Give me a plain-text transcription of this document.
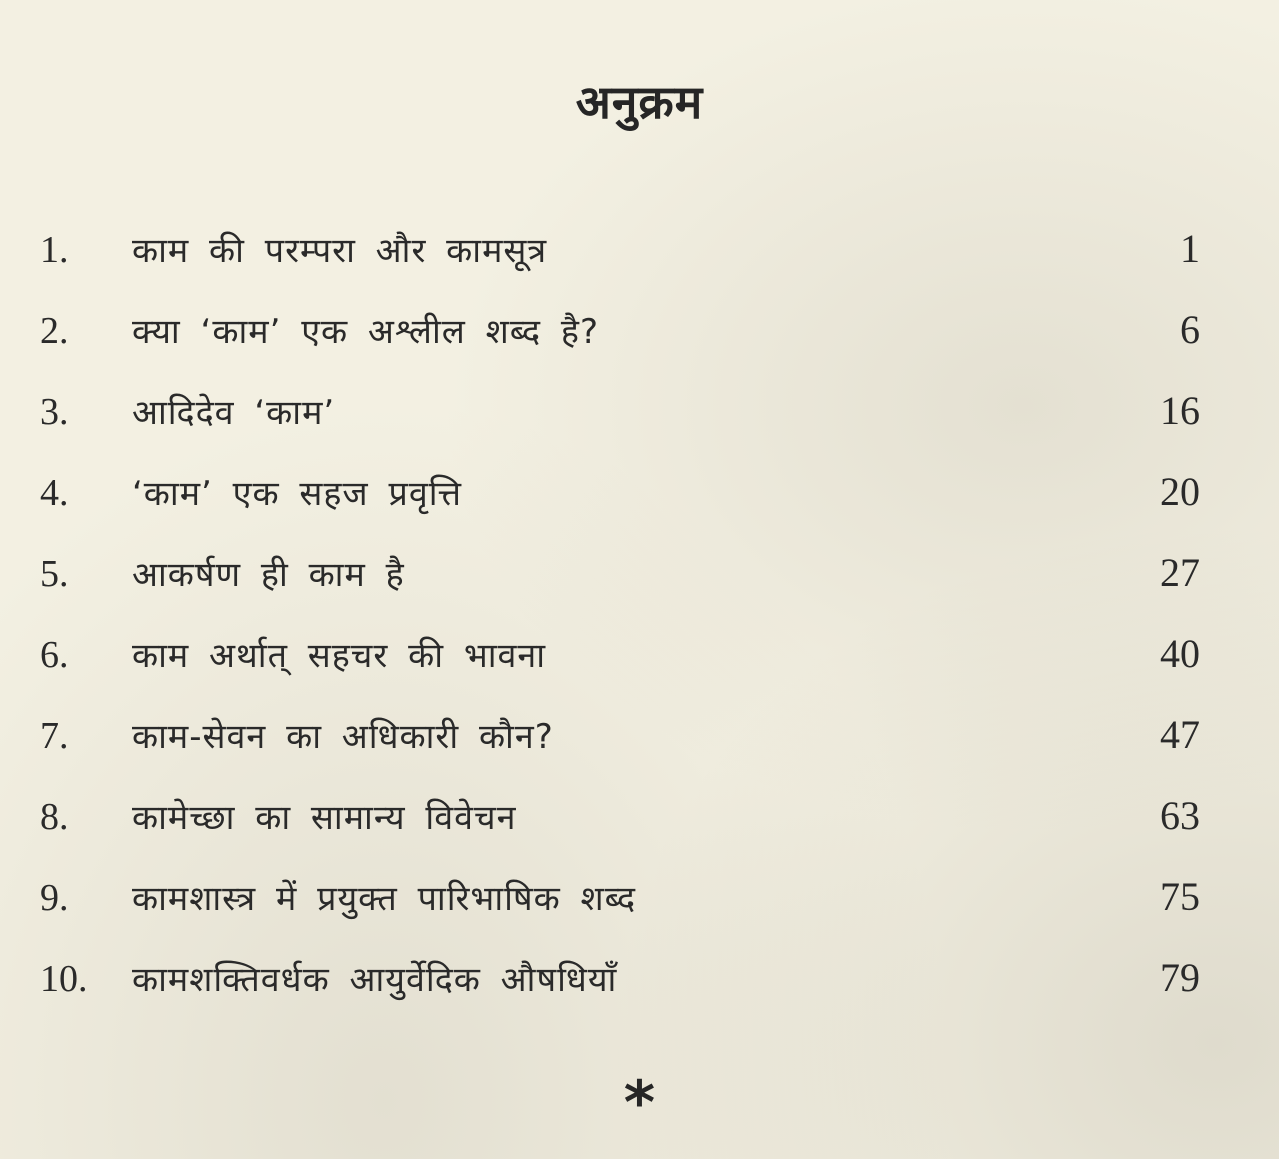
अनुक्रम
1.	काम की परम्परा और कामसूत्र	1
2.	क्या ‘काम’ एक अश्लील शब्द है?	6
3.	आदिदेव ‘काम’	16
4.	‘काम’ एक सहज प्रवृत्ति	20
5.	आकर्षण ही काम है	27
6.	काम अर्थात् सहचर की भावना	40
7.	काम-सेवन का अधिकारी कौन?	47
8.	कामेच्छा का सामान्य विवेचन	63
9.	कामशास्त्र में प्रयुक्त पारिभाषिक शब्द	75
10.	कामशक्तिवर्धक आयुर्वेदिक औषधियाँ	79
*
